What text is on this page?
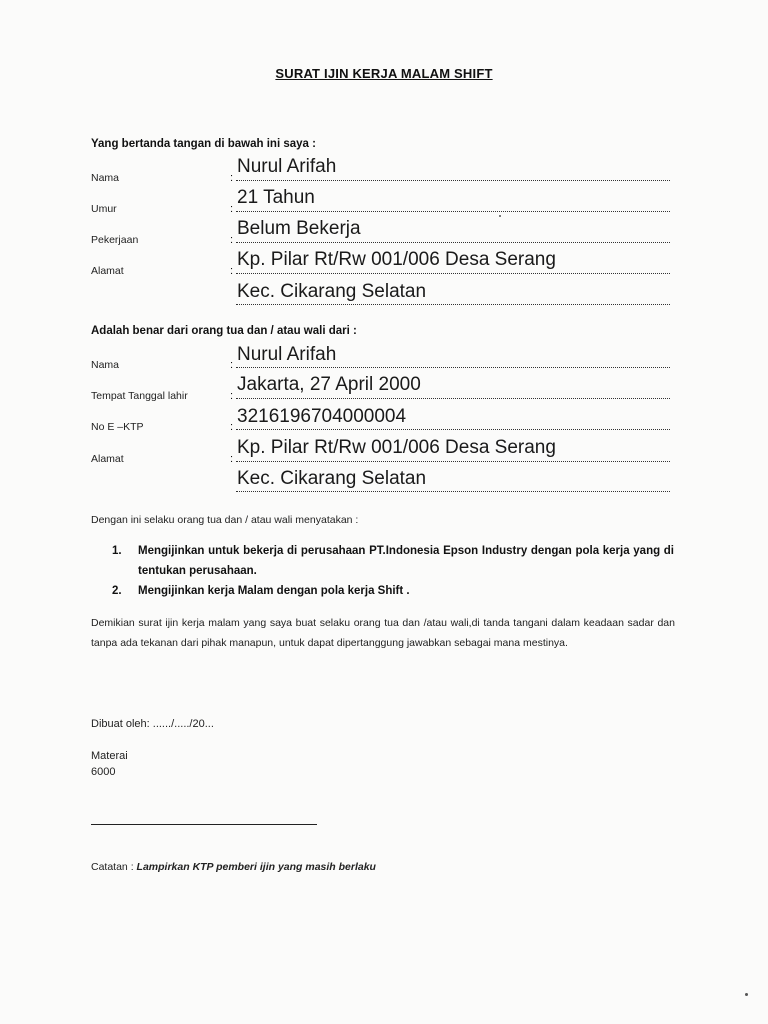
SURAT IJIN KERJA MALAM SHIFT
Yang bertanda tangan di bawah ini saya :
Nama	:
Nurul Arifah
Umur	:
21 Tahun
Pekerjaan	:
Belum Bekerja
Alamat	:
Kp. Pilar Rt/Rw 001/006 Desa Serang
Kec. Cikarang Selatan
Adalah benar dari orang tua dan / atau wali dari :
Nama	: Nurul Arifah
Tempat Tanggal lahir	:
Jakarta, 27 April 2000
No E –KTP	: 3216196704000004
Alamat	:
Kp. Pilar Rt/Rw 001/006 Desa Serang
Kec. Cikarang Selatan
Dengan ini selaku orang tua dan / atau wali menyatakan :
1. Mengijinkan untuk bekerja di perusahaan PT.Indonesia Epson Industry dengan pola kerja yang di tentukan perusahaan.
2. Mengijinkan kerja Malam dengan pola kerja Shift .
Demikian surat ijin kerja malam yang saya buat selaku orang tua dan /atau wali,di tanda tangani dalam keadaan sadar dan tanpa ada tekanan dari pihak manapun, untuk dapat dipertanggung jawabkan sebagai mana mestinya.
Dibuat oleh: ....../...../20...
Materai
6000
Catatan : Lampirkan KTP pemberi ijin yang masih berlaku
